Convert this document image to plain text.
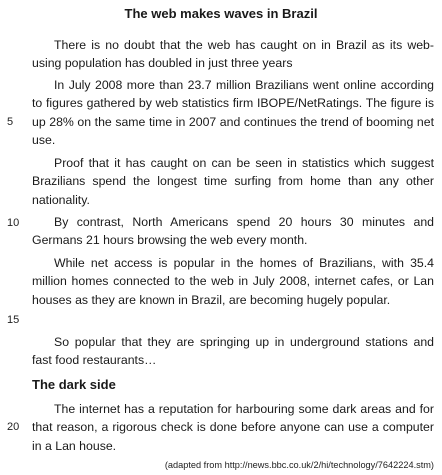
The web makes waves in Brazil

There is no doubt that the web has caught on in Brazil as its web-using population has doubled in just three years

In July 2008 more than 23.7 million Brazilians went online according to figures gathered by web statistics firm IBOPE/NetRatings. The figure is up 28% on the same time in 2007 and continues the trend of booming net use.

Proof that it has caught on can be seen in statistics which suggest Brazilians spend the longest time surfing from home than any other nationality.

By contrast, North Americans spend 20 hours 30 minutes and Germans 21 hours browsing the web every month.

While net access is popular in the homes of Brazilians, with 35.4 million homes connected to the web in July 2008, internet cafes, or Lan houses as they are known in Brazil, are becoming hugely popular.

So popular that they are springing up in underground stations and fast food restaurants…

The dark side

The internet has a reputation for harbouring some dark areas and for that reason, a rigorous check is done before anyone can use a computer in a Lan house.

5
10
15
20
(adapted from http://news.bbc.co.uk/2/hi/technology/7642224.stm)
